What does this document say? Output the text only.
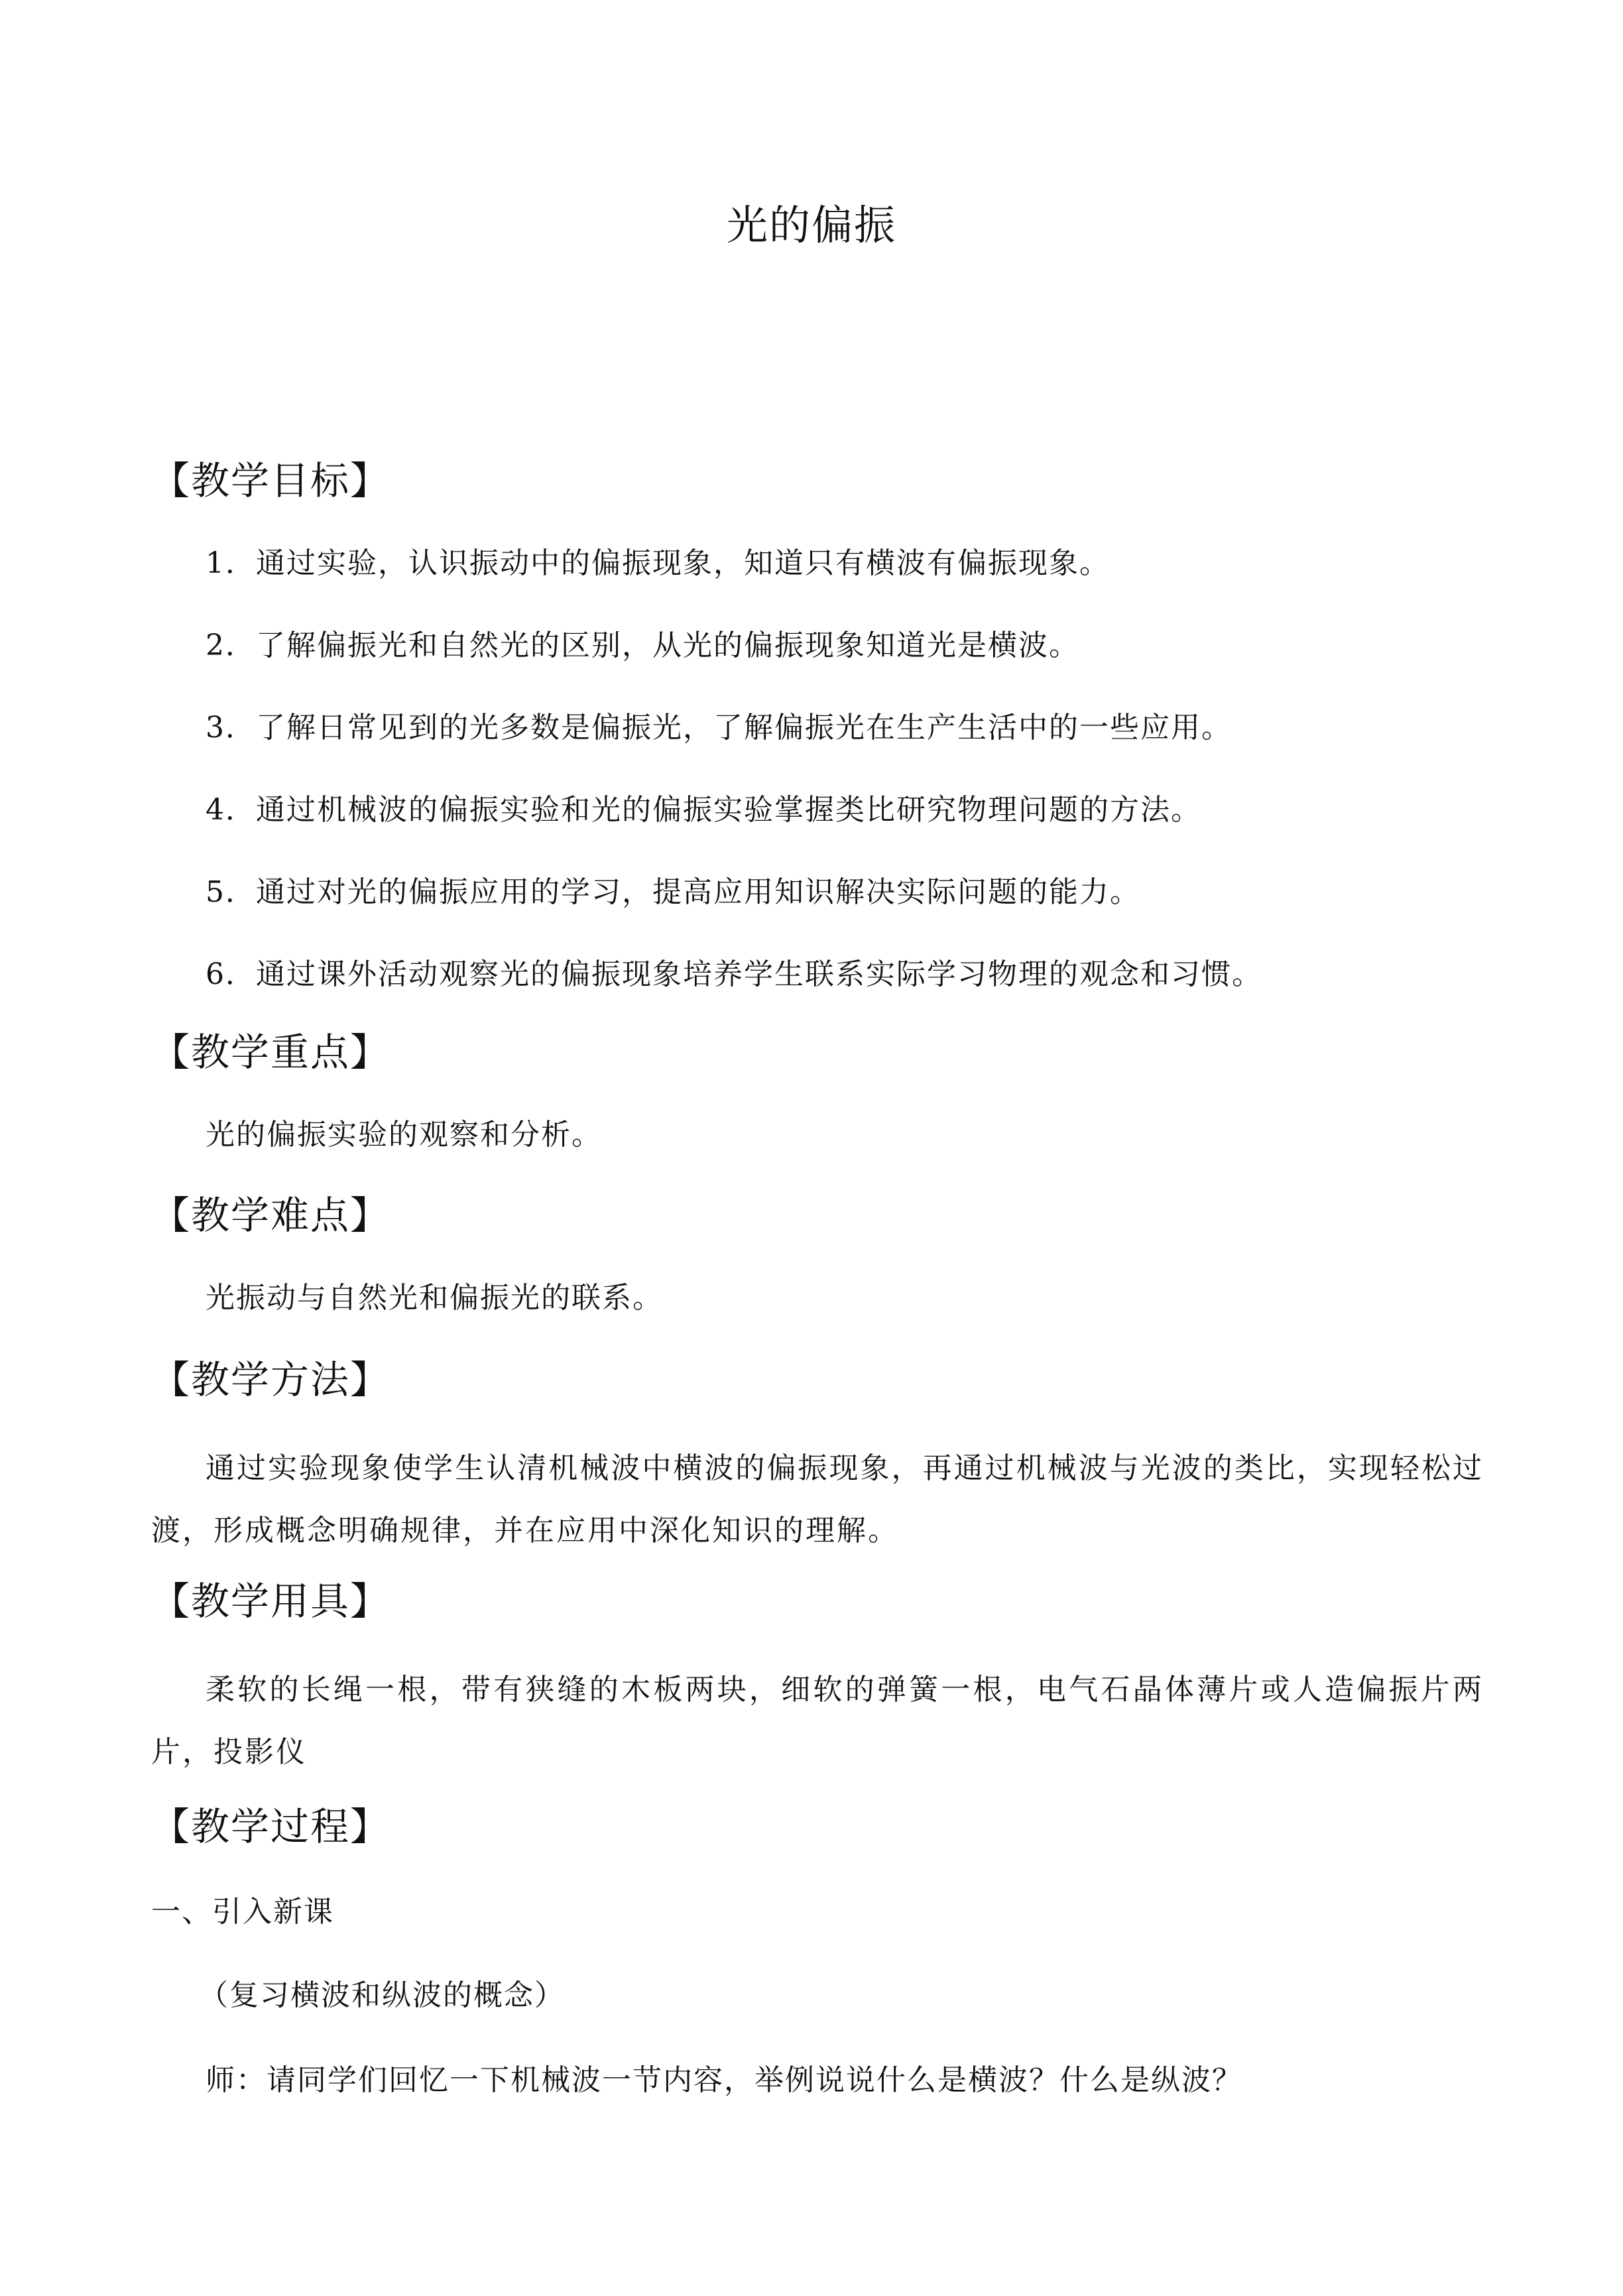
光的偏振
【教学目标】
1．通过实验，认识振动中的偏振现象，知道只有横波有偏振现象。
2．了解偏振光和自然光的区别，从光的偏振现象知道光是横波。
3．了解日常见到的光多数是偏振光，了解偏振光在生产生活中的一些应用。
4．通过机械波的偏振实验和光的偏振实验掌握类比研究物理问题的方法。
5．通过对光的偏振应用的学习，提高应用知识解决实际问题的能力。
6．通过课外活动观察光的偏振现象培养学生联系实际学习物理的观念和习惯。
【教学重点】
光的偏振实验的观察和分析。
【教学难点】
光振动与自然光和偏振光的联系。
【教学方法】
通过实验现象使学生认清机械波中横波的偏振现象，再通过机械波与光波的类比，实现轻松过渡，形成概念明确规律，并在应用中深化知识的理解。
【教学用具】
柔软的长绳一根，带有狭缝的木板两块，细软的弹簧一根，电气石晶体薄片或人造偏振片两片，投影仪
【教学过程】
一、引入新课
（复习横波和纵波的概念）
师：请同学们回忆一下机械波一节内容，举例说说什么是横波？什么是纵波？
